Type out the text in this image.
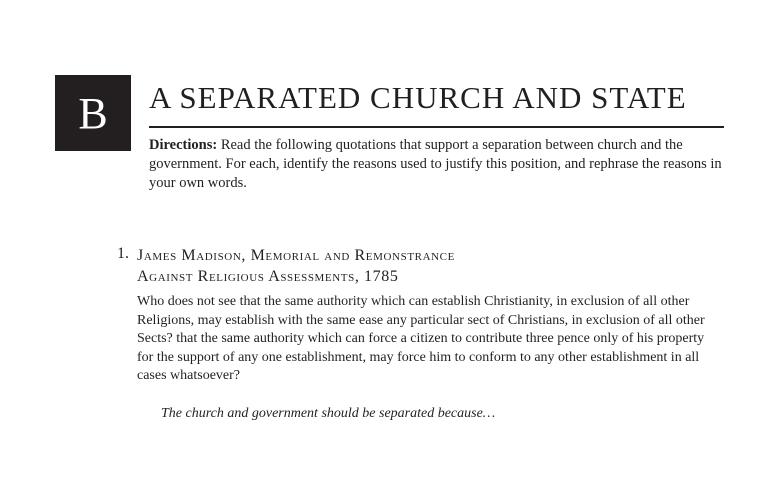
B A SEPARATED CHURCH AND STATE

Directions: Read the following quotations that support a separation between church and the government. For each, identify the reasons used to justify this position, and rephrase the reasons in your own words.

1. James Madison, Memorial and Remonstrance
Against Religious Assessments, 1785

Who does not see that the same authority which can establish Christianity, in exclusion of all other Religions, may establish with the same ease any particular sect of Christians, in exclusion of all other Sects? that the same authority which can force a citizen to contribute three pence only of his property for the support of any one establishment, may force him to conform to any other establishment in all cases whatsoever?

The church and government should be separated because…
